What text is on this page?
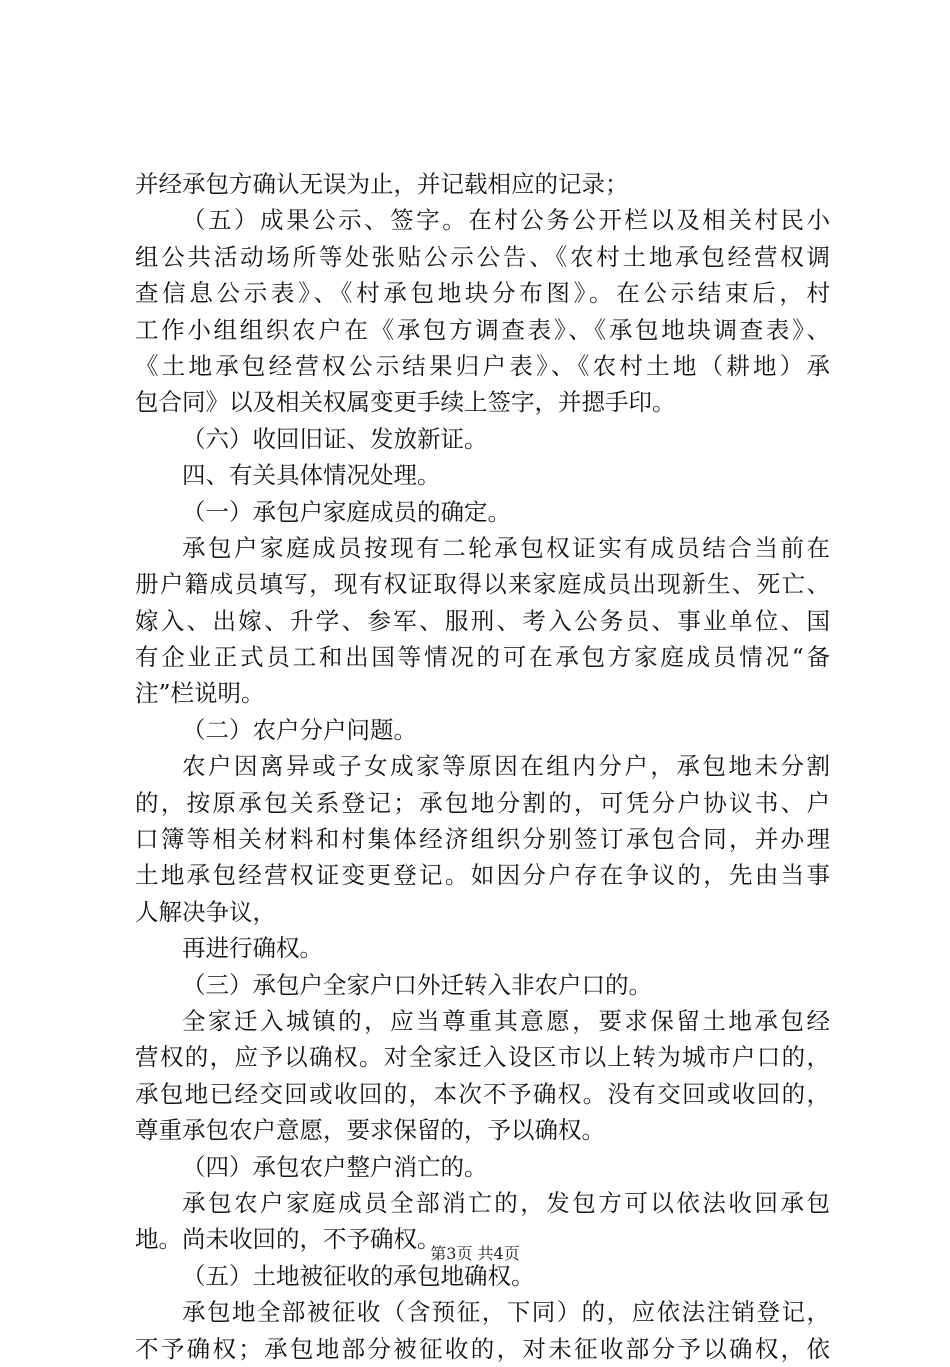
并经承包方确认无误为止，并记载相应的记录；
（五）成果公示、签字。在村公务公开栏以及相关村民小
组公共活动场所等处张贴公示公告、《农村土地承包经营权调
查信息公示表》、《村承包地块分布图》。在公示结束后，村
工作小组组织农户在《承包方调查表》、《承包地块调查表》、
《土地承包经营权公示结果归户表》、《农村土地（耕地）承
包合同》以及相关权属变更手续上签字，并摁手印。
（六）收回旧证、发放新证。
四、有关具体情况处理。
（一）承包户家庭成员的确定。
承包户家庭成员按现有二轮承包权证实有成员结合当前在
册户籍成员填写，现有权证取得以来家庭成员出现新生、死亡、
嫁入、出嫁、升学、参军、服刑、考入公务员、事业单位、国
有企业正式员工和出国等情况的可在承包方家庭成员情况“备
注”栏说明。
（二）农户分户问题。
农户因离异或子女成家等原因在组内分户，承包地未分割
的，按原承包关系登记；承包地分割的，可凭分户协议书、户
口簿等相关材料和村集体经济组织分别签订承包合同，并办理
土地承包经营权证变更登记。如因分户存在争议的，先由当事
人解决争议，
再进行确权。
（三）承包户全家户口外迁转入非农户口的。
全家迁入城镇的，应当尊重其意愿，要求保留土地承包经
营权的，应予以确权。对全家迁入设区市以上转为城市户口的，
承包地已经交回或收回的，本次不予确权。没有交回或收回的，
尊重承包农户意愿，要求保留的，予以确权。
（四）承包农户整户消亡的。
承包农户家庭成员全部消亡的，发包方可以依法收回承包
地。尚未收回的，不予确权。
（五）土地被征收的承包地确权。
承包地全部被征收（含预征，下同）的，应依法注销登记，
不予确权；承包地部分被征收的，对未征收部分予以确权，依
第3页 共4页
